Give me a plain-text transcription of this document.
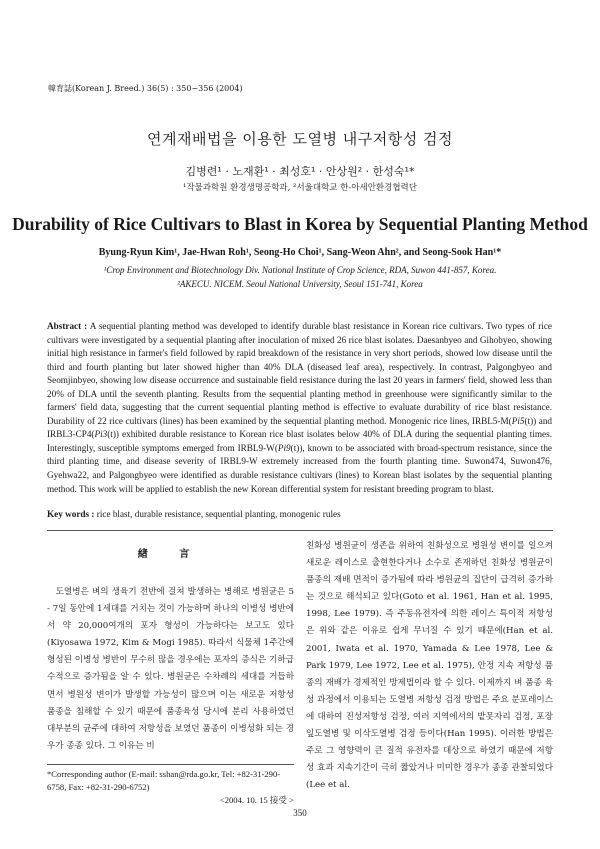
韓育誌(Korean J. Breed.) 36(5) : 350~356 (2004)
연계재배법을 이용한 도열병 내구저항성 검정
김병련¹ · 노재환¹ · 최성호¹ · 안상원² · 한성숙¹*
¹작물과학원 환경생명공학과, ²서울대학교 한-아세안환경협력단
Durability of Rice Cultivars to Blast in Korea by Sequential Planting Method
Byung-Ryun Kim¹, Jae-Hwan Roh¹, Seong-Ho Choi¹, Sang-Weon Ahn², and Seong-Sook Han¹*
¹Crop Environment and Biotechnology Div. National Institute of Crop Science, RDA, Suwon 441-857, Korea.
²AKECU. NICEM. Seoul National University, Seoul 151-741, Korea

Abstract : A sequential planting method was developed to identify durable blast resistance in Korean rice cultivars. Two types of rice cultivars were investigated by a sequential planting after inoculation of mixed 26 rice blast isolates. Daesanbyeo and Gihobyeo, showing initial high resistance in farmer's field followed by rapid breakdown of the resistance in very short periods, showed low disease until the third and fourth planting but later showed higher than 40% DLA (diseased leaf area), respectively. In contrast, Palgongbyeo and Seomjinbyeo, showing low disease occurrence and sustainable field resistance during the last 20 years in farmers' field, showed less than 20% of DLA until the seventh planting. Results from the sequential planting method in greenhouse were significantly similar to the farmers' field data, suggesting that the current sequential planting method is effective to evaluate durability of rice blast resistance. Durability of 22 rice cultivars (lines) has been examined by the sequential planting method. Monogenic rice lines, IRBL5-M(Pi5(t)) and IRBL3-CP4(Pi3(t)) exhibited durable resistance to Korean rice blast isolates below 40% of DLA during the sequential planting times. Interestingly, susceptible symptoms emerged from IRBL9-W(Pi9(t)), known to be associated with broad-spectrum resistance, since the third planting time, and disease severity of IRBL9-W extremely increased from the fourth planting time. Suwon474, Suwon476, Gyehwa22, and Palgongbyeo were identified as durable resistance cultivars (lines) to Korean blast isolates by the sequential planting method. This work will be applied to establish the new Korean differential system for resistant breeding program to blast.

Key words : rice blast, durable resistance, sequential planting, monogenic rules
緖 言

도열병은 벼의 생육기 전반에 걸쳐 발생하는 병해로 병원균은 5 - 7일 동안에 1세대를 거치는 것이 가능하며 하나의 이병성 병반에서 약 20,000여개의 포자 형성이 가능하다는 보고도 있다(Kiyosawa 1972, Kim & Mogi 1985). 따라서 식물체 1주간에 형성된 이병성 병반이 무수히 많을 경우에는 포자의 증식은 기하급수적으로 증가됨을 알 수 있다. 병원균은 수차례의 세대를 거듭하면서 병원성 변이가 발생할 가능성이 많으며 이는 새로운 저항성 품종을 침해할 수 있기 때문에 품종육성 당시에 분리 사용하였던 대부분의 균주에 대하여 저항성을 보였던 품종이 이병성화 되는 경우가 종종 있다. 그 이유는 비

친화성 병원균이 생존을 위하여 친화성으로 병원성 변이를 일으켜 새로운 레이스로 출현한다거나 소수로 존재하던 친화성 병원균이 품종의 재배 면적이 증가됨에 따라 병원균의 집단이 급격히 증가하는 것으로 해석되고 있다(Goto et al. 1961, Han et al. 1995, 1998, Lee 1979). 즉 주동유전자에 의한 레이스 특이적 저항성은 위와 같은 이유로 쉽게 무너질 수 있기 때문에(Han et al. 2001, Iwata et al. 1970, Yamada & Lee 1978, Lee & Park 1979, Lee 1972, Lee et al. 1975), 안정 지속 저항성 품종의 재배가 경제적인 방제법이라 할 수 있다. 이제까지 벼 품종 육성 과정에서 이용되는 도열병 저항성 검정 방법은 주요 분포레이스에 대하여 진성저항성 검정, 여러 지역에서의 밭못자리 검정, 포장 잎도열병 및 이삭도열병 검정 등이다(Han 1995). 이러한 방법은 주로 그 영향력이 큰 질적 유전자를 대상으로 하였기 때문에 저항성 효과 지속기간이 극히 짧았거나 미미한 경우가 종종 관찰되었다(Lee et al.

*Corresponding author (E-mail: sshan@rda.go.kr, Tel: +82-31-290-6758, Fax: +82-31-290-6752)

<2004. 10. 15 接受 >

350
